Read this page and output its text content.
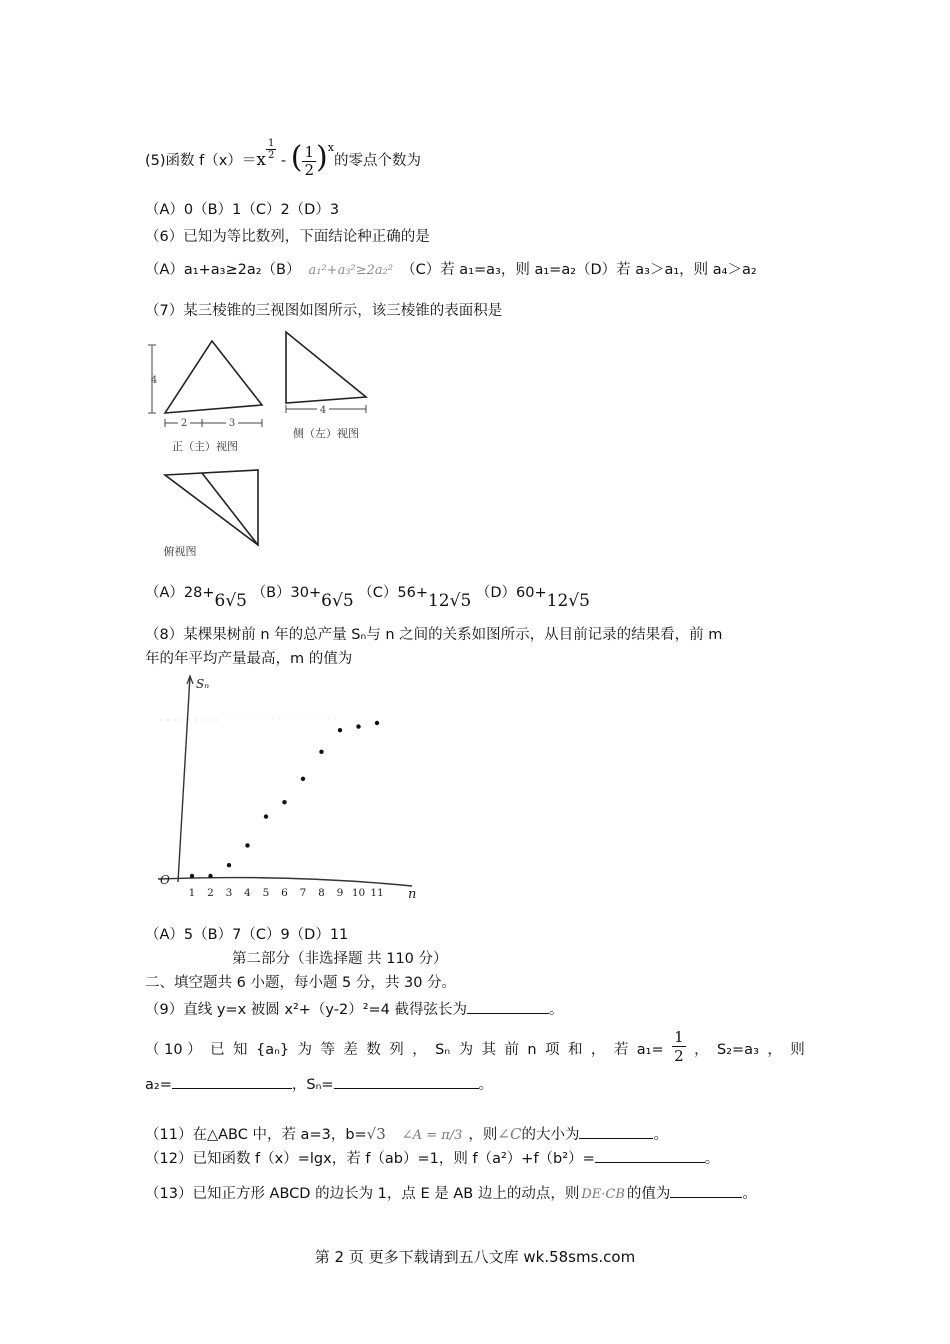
(5)函数 $f(x)=x \frac{1}{2}$
- ( $\frac{1}{2} )^x$的零点个数为
（A）0（B）1（C）2（D）3
（6）已知为等比数列，下面结论种正确的是
（A）a₁+a₃≥2a₂（B） a₁²+a₃²≥2a₂² （C）若 a₁=a₃，则 a₁=a₂（D）若 a₃＞a₁，则 a₄＞a₂
（7）某三棱锥的三视图如图所示，该三棱锥的表面积是
4
2	3
正（主）视图
4
侧（左）视图
俯视图
（A）28+6√5 （B）30+6√5 （C）56+12√5 （D）60+12√5
（8）某棵果树前 n 年的总产量 Sₙ与 n 之间的关系如图所示，从目前记录的结果看，前 m
年的年平均产量最高，m 的值为
O
Sₙ
n
1 2 3 4 5 6 7 8 9 10 11
（A）5（B）7（C）9（D）11
第二部分（非选择题 共 110 分）
二、填空题共 6 小题，每小题 5 分，共 30 分。
（9）直线 y=x 被圆 x²+（y-2）²=4 截得弦长为	。
（ 10 ） 已 知 {aₙ} 为 等 差 数 列 ， Sₙ 为 其 前 n 项 和 ， 若 $a_1= \frac{1}{2}$ ， S₂=a₃ ， 则
a₂=	，Sₙ=	。
（11）在△ABC 中，若 a=3，b=√3 ∠A = π/3 ，则∠C的大小为	。
（12）已知函数 f（x）=lgx，若 f（ab）=1，则 f（a²）+f（b²）=	。
（13）已知正方形 ABCD 的边长为 1，点 E 是 AB 边上的动点，则 DE·CB 的值为	。
第 2 页 更多下载请到五八文库 wk.58sms.com
